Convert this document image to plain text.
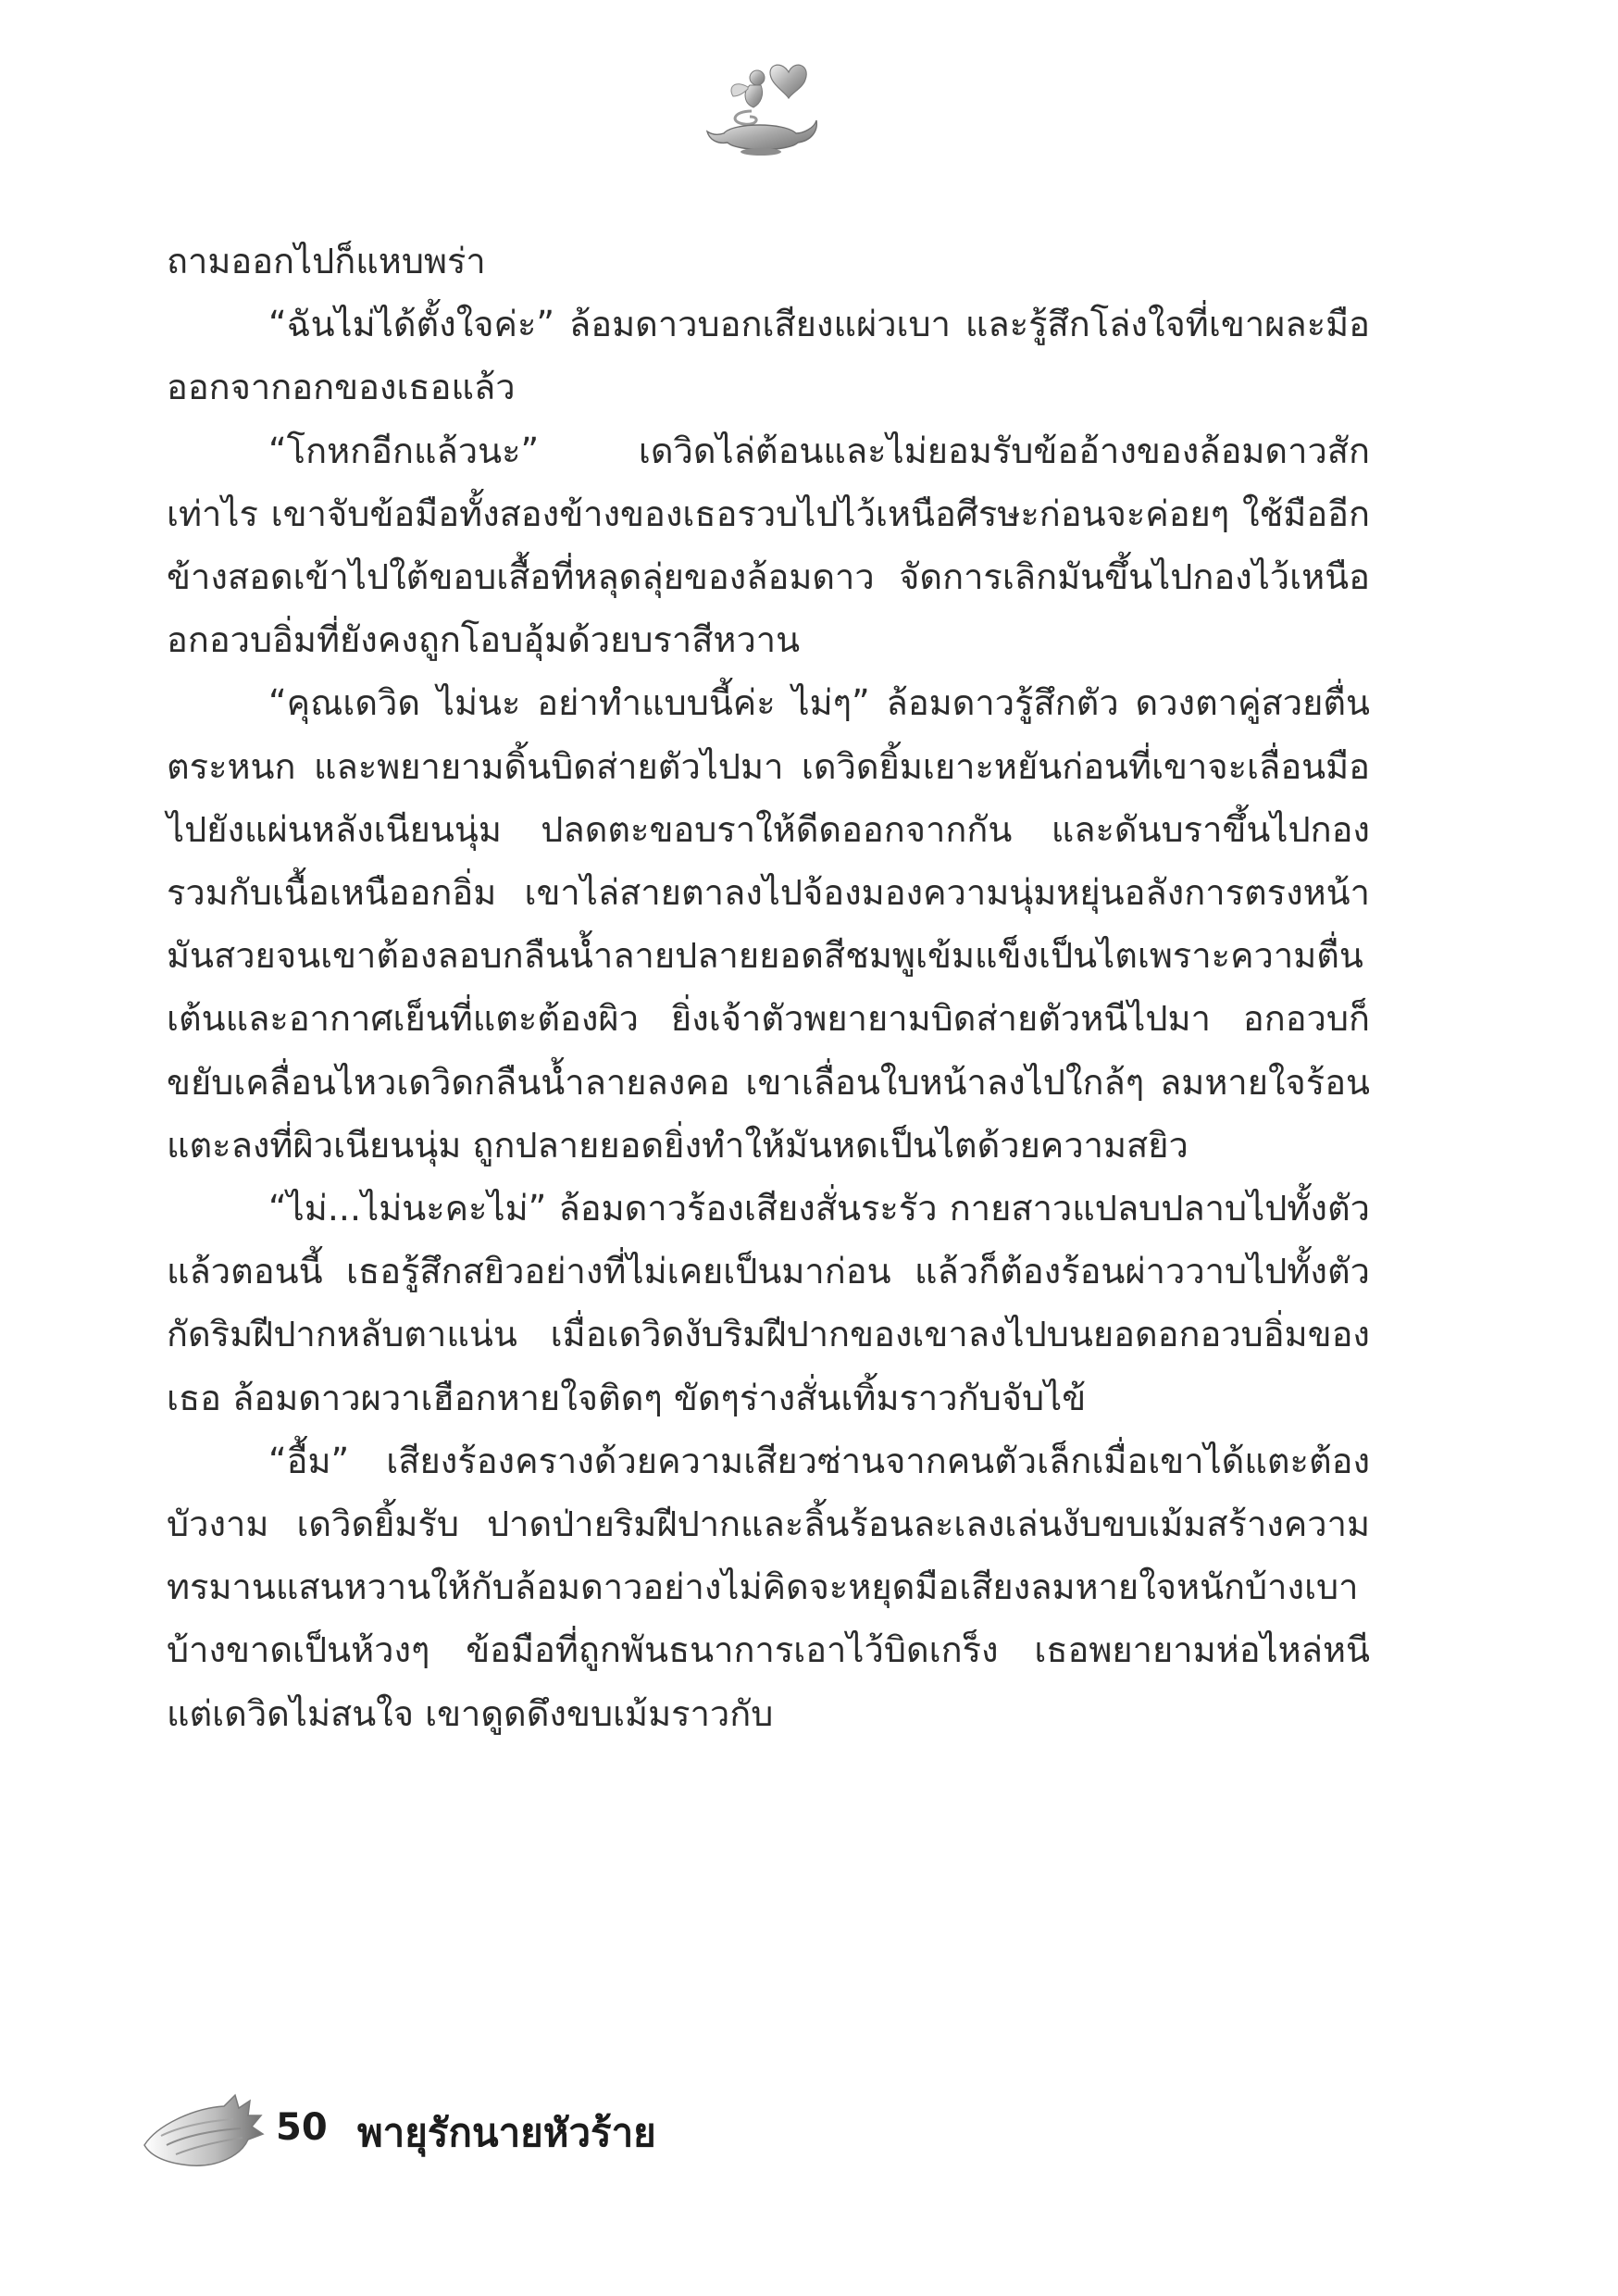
ถามออกไปก็แหบพร่า

“ฉันไม่ได้ตั้งใจค่ะ” ล้อมดาวบอกเสียงแผ่วเบา และรู้สึกโล่งใจที่เขาผละมือออกจากอกของเธอแล้ว

“โกหกอีกแล้วนะ” เดวิดไล่ต้อนและไม่ยอมรับข้ออ้างของล้อมดาวสักเท่าไร เขาจับข้อมือทั้งสองข้างของเธอรวบไปไว้เหนือศีรษะก่อนจะค่อยๆ ใช้มืออีกข้างสอดเข้าไปใต้ขอบเสื้อที่หลุดลุ่ยของล้อมดาว จัดการเลิกมันขึ้นไปกองไว้เหนืออกอวบอิ่มที่ยังคงถูกโอบอุ้มด้วยบราสีหวาน

“คุณเดวิด ไม่นะ อย่าทำแบบนี้ค่ะ ไม่ๆ” ล้อมดาวรู้สึกตัว ดวงตาคู่สวยตื่นตระหนก และพยายามดิ้นบิดส่ายตัวไปมา เดวิดยิ้มเยาะหยันก่อนที่เขาจะเลื่อนมือไปยังแผ่นหลังเนียนนุ่ม ปลดตะขอบราให้ดีดออกจากกัน และดันบราขึ้นไปกองรวมกับเนื้อเหนืออกอิ่ม เขาไล่สายตาลงไปจ้องมองความนุ่มหยุ่นอลังการตรงหน้า มันสวยจนเขาต้องลอบกลืนน้ำลายปลายยอดสีชมพูเข้มแข็งเป็นไตเพราะความตื่นเต้นและอากาศเย็นที่แตะต้องผิว ยิ่งเจ้าตัวพยายามบิดส่ายตัวหนีไปมา อกอวบก็ขยับเคลื่อนไหวเดวิดกลืนน้ำลายลงคอ เขาเลื่อนใบหน้าลงไปใกล้ๆ ลมหายใจร้อนแตะลงที่ผิวเนียนนุ่ม ถูกปลายยอดยิ่งทำให้มันหดเป็นไตด้วยความสยิว

“ไม่...ไม่นะคะไม่” ล้อมดาวร้องเสียงสั่นระรัว กายสาวแปลบปลาบไปทั้งตัวแล้วตอนนี้ เธอรู้สึกสยิวอย่างที่ไม่เคยเป็นมาก่อน แล้วก็ต้องร้อนผ่าววาบไปทั้งตัว กัดริมฝีปากหลับตาแน่น เมื่อเดวิดงับริมฝีปากของเขาลงไปบนยอดอกอวบอิ่มของเธอ ล้อมดาวผวาเฮือกหายใจติดๆ ขัดๆร่างสั่นเทิ้มราวกับจับไข้

“อื้ม” เสียงร้องครางด้วยความเสียวซ่านจากคนตัวเล็กเมื่อเขาได้แตะต้องบัวงาม เดวิดยิ้มรับ ปาดป่ายริมฝีปากและลิ้นร้อนละเลงเล่นงับขบเม้มสร้างความทรมานแสนหวานให้กับล้อมดาวอย่างไม่คิดจะหยุดมือเสียงลมหายใจหนักบ้างเบาบ้างขาดเป็นห้วงๆ ข้อมือที่ถูกพันธนาการเอาไว้บิดเกร็ง เธอพยายามห่อไหล่หนี แต่เดวิดไม่สนใจ เขาดูดดึงขบเม้มราวกับ

50 พายุรักนายหัวร้าย
